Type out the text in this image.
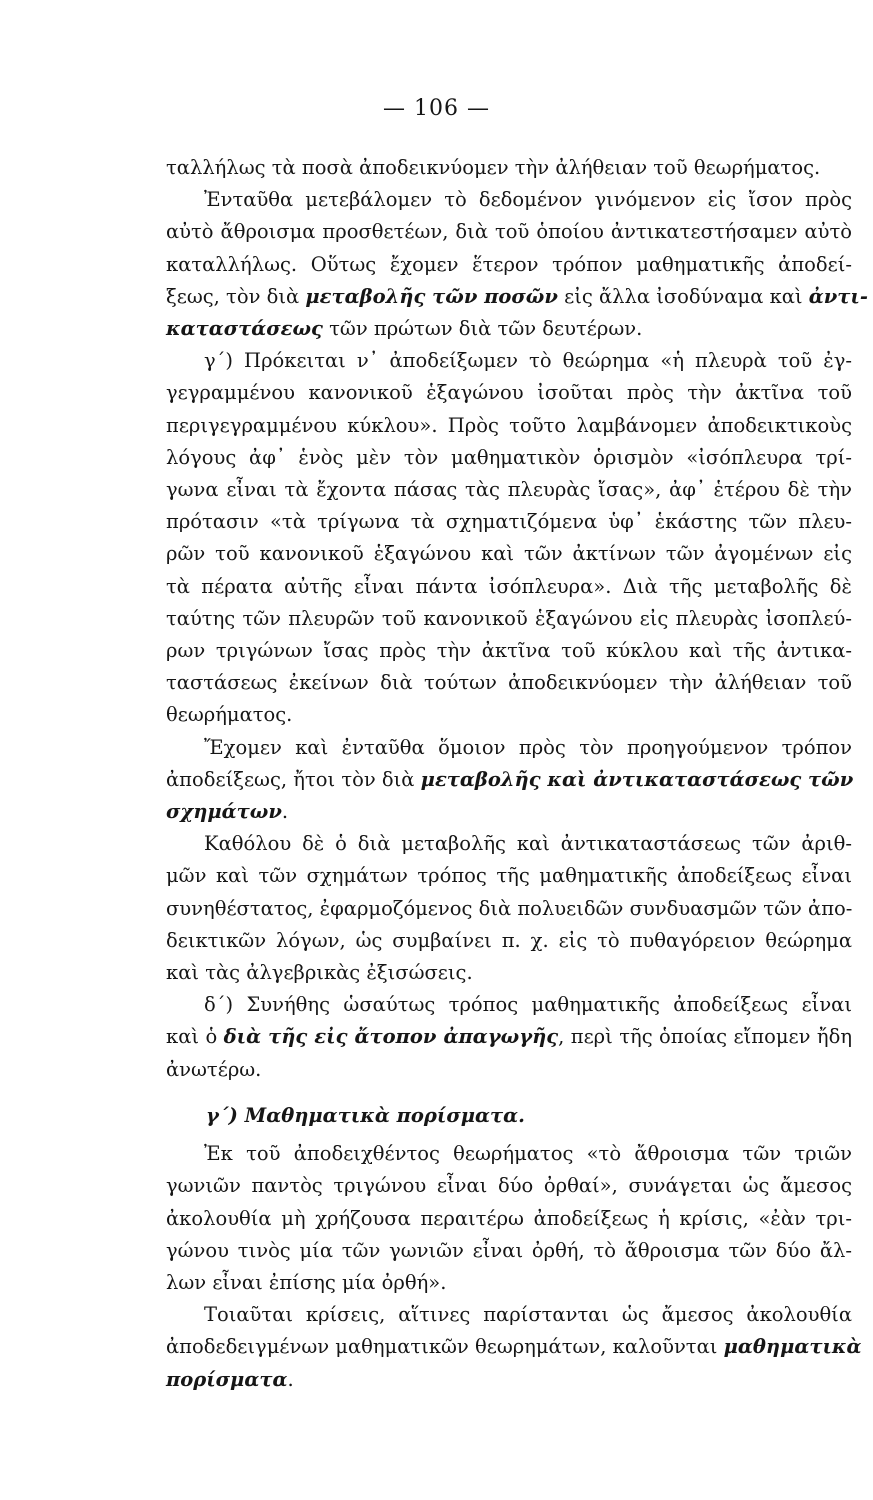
— 106 —
ταλλήλως τὰ ποσὰ ἀποδεικνύομεν τὴν ἀλήθειαν τοῦ θεωρήματος.
Ἐνταῦθα μετεβάλομεν τὸ δεδομένον γινόμενον εἰς ἴσον πρὸς
αὐτὸ ἄθροισμα προσθετέων, διὰ τοῦ ὁποίου ἀντικατεστήσαμεν αὐτὸ
καταλλήλως. Οὕτως ἔχομεν ἕτερον τρόπον μαθηματικῆς ἀποδεί-
ξεως, τὸν διὰ μεταβολῆς τῶν ποσῶν εἰς ἄλλα ἰσοδύναμα καὶ ἀντι-
καταστάσεως τῶν πρώτων διὰ τῶν δευτέρων.
γ΄) Πρόκειται ν᾽ ἀποδείξωμεν τὸ θεώρημα «ἡ πλευρὰ τοῦ ἐγ-
γεγραμμένου κανονικοῦ ἑξαγώνου ἰσοῦται πρὸς τὴν ἀκτῖνα τοῦ
περιγεγραμμένου κύκλου». Πρὸς τοῦτο λαμβάνομεν ἀποδεικτικοὺς
λόγους ἀφ᾽ ἑνὸς μὲν τὸν μαθηματικὸν ὁρισμὸν «ἰσόπλευρα τρί-
γωνα εἶναι τὰ ἔχοντα πάσας τὰς πλευρὰς ἴσας», ἀφ᾽ ἑτέρου δὲ τὴν
πρότασιν «τὰ τρίγωνα τὰ σχηματιζόμενα ὑφ᾽ ἑκάστης τῶν πλευ-
ρῶν τοῦ κανονικοῦ ἑξαγώνου καὶ τῶν ἀκτίνων τῶν ἀγομένων εἰς
τὰ πέρατα αὐτῆς εἶναι πάντα ἰσόπλευρα». Διὰ τῆς μεταβολῆς δὲ
ταύτης τῶν πλευρῶν τοῦ κανονικοῦ ἑξαγώνου εἰς πλευρὰς ἰσοπλεύ-
ρων τριγώνων ἴσας πρὸς τὴν ἀκτῖνα τοῦ κύκλου καὶ τῆς ἀντικα-
ταστάσεως ἐκείνων διὰ τούτων ἀποδεικνύομεν τὴν ἀλήθειαν τοῦ
θεωρήματος.
Ἔχομεν καὶ ἐνταῦθα ὅμοιον πρὸς τὸν προηγούμενον τρόπον
ἀποδείξεως, ἤτοι τὸν διὰ μεταβολῆς καὶ ἀντικαταστάσεως τῶν
σχημάτων.
Καθόλου δὲ ὁ διὰ μεταβολῆς καὶ ἀντικαταστάσεως τῶν ἀριθ-
μῶν καὶ τῶν σχημάτων τρόπος τῆς μαθηματικῆς ἀποδείξεως εἶναι
συνηθέστατος, ἐφαρμοζόμενος διὰ πολυειδῶν συνδυασμῶν τῶν ἀπο-
δεικτικῶν λόγων, ὡς συμβαίνει π. χ. εἰς τὸ πυθαγόρειον θεώρημα
καὶ τὰς ἀλγεβρικὰς ἐξισώσεις.
δ΄) Συνήθης ὡσαύτως τρόπος μαθηματικῆς ἀποδείξεως εἶναι
καὶ ὁ διὰ τῆς εἰς ἄτοπον ἀπαγωγῆς, περὶ τῆς ὁποίας εἴπομεν ἤδη
ἀνωτέρω.
γ΄) Μαθηματικὰ πορίσματα.
Ἐκ τοῦ ἀποδειχθέντος θεωρήματος «τὸ ἄθροισμα τῶν τριῶν
γωνιῶν παντὸς τριγώνου εἶναι δύο ὀρθαί», συνάγεται ὡς ἄμεσος
ἀκολουθία μὴ χρήζουσα περαιτέρω ἀποδείξεως ἡ κρίσις, «ἐὰν τρι-
γώνου τινὸς μία τῶν γωνιῶν εἶναι ὀρθή, τὸ ἄθροισμα τῶν δύο ἄλ-
λων εἶναι ἐπίσης μία ὀρθή».
Τοιαῦται κρίσεις, αἵτινες παρίστανται ὡς ἄμεσος ἀκολουθία
ἀποδεδειγμένων μαθηματικῶν θεωρημάτων, καλοῦνται μαθηματικὰ
πορίσματα.
